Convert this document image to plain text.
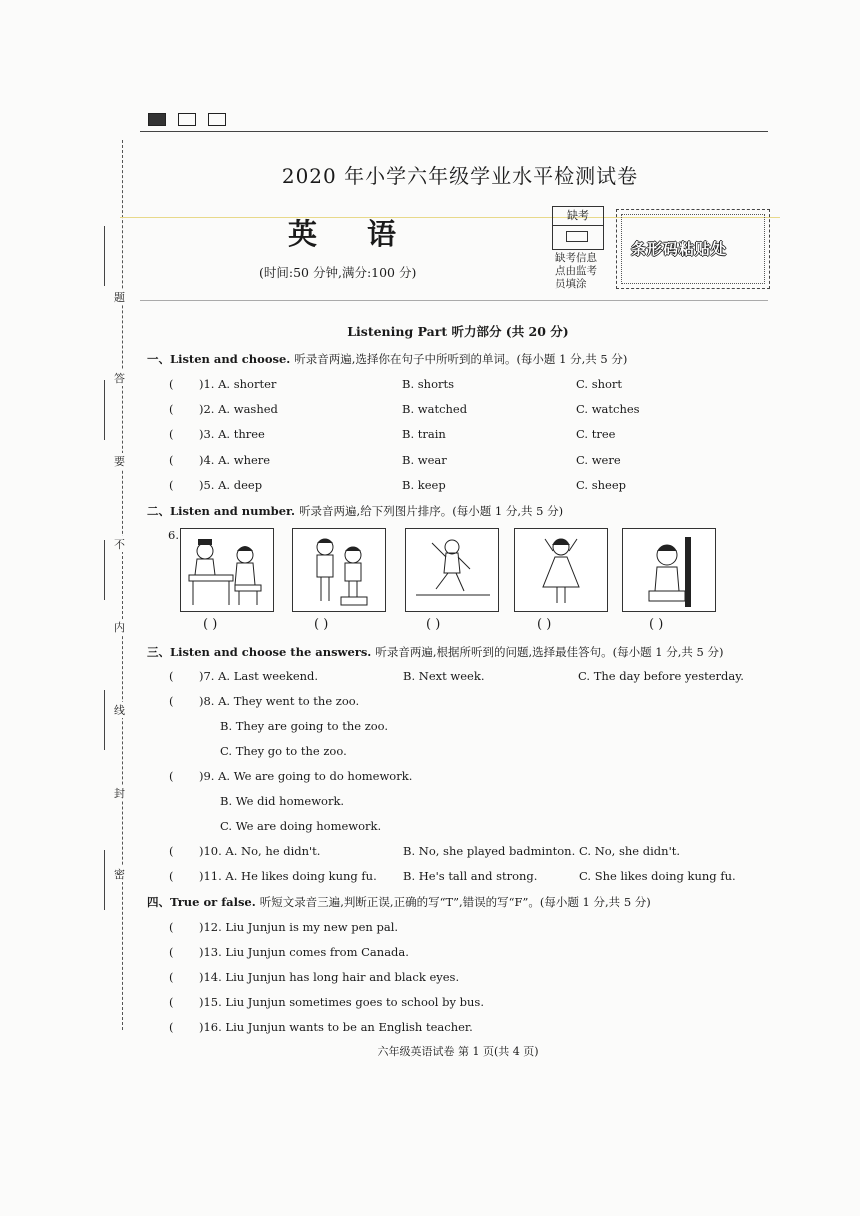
题
答
要
不
内
线
封
密
2020 年小学六年级学业水平检测试卷
英语
(时间:50 分钟,满分:100 分)
缺考
缺考信息
点由监考
员填涂
条形码粘贴处
Listening Part 听力部分 (共 20 分)
一、Listen and choose. 听录音两遍,选择你在句子中所听到的单词。(每小题 1 分,共 5 分)
( )1. A. shorter	B. shorts	C. short
( )2. A. washed	B. watched	C. watches
( )3. A. three	B. train	C. tree
( )4. A. where	B. wear	C. were
( )5. A. deep	B. keep	C. sheep
二、Listen and number. 听录音两遍,给下列图片排序。(每小题 1 分,共 5 分)
6.
( )	( )	( )	( )	( )
三、Listen and choose the answers. 听录音两遍,根据所听到的问题,选择最佳答句。(每小题 1 分,共 5 分)
( )7. A. Last weekend.	B. Next week.	C. The day before yesterday.
( )8. A. They went to the zoo.
B. They are going to the zoo.
C. They go to the zoo.
( )9. A. We are going to do homework.
B. We did homework.
C. We are doing homework.
( )10. A. No, he didn't.	B. No, she played badminton. C. No, she didn't.
( )11. A. He likes doing kung fu. B. He's tall and strong.	C. She likes doing kung fu.
四、True or false. 听短文录音三遍,判断正误,正确的写“T”,错误的写“F”。(每小题 1 分,共 5 分)
( )12. Liu Junjun is my new pen pal.
( )13. Liu Junjun comes from Canada.
( )14. Liu Junjun has long hair and black eyes.
( )15. Liu Junjun sometimes goes to school by bus.
( )16. Liu Junjun wants to be an English teacher.
六年级英语试卷 第 1 页(共 4 页)
